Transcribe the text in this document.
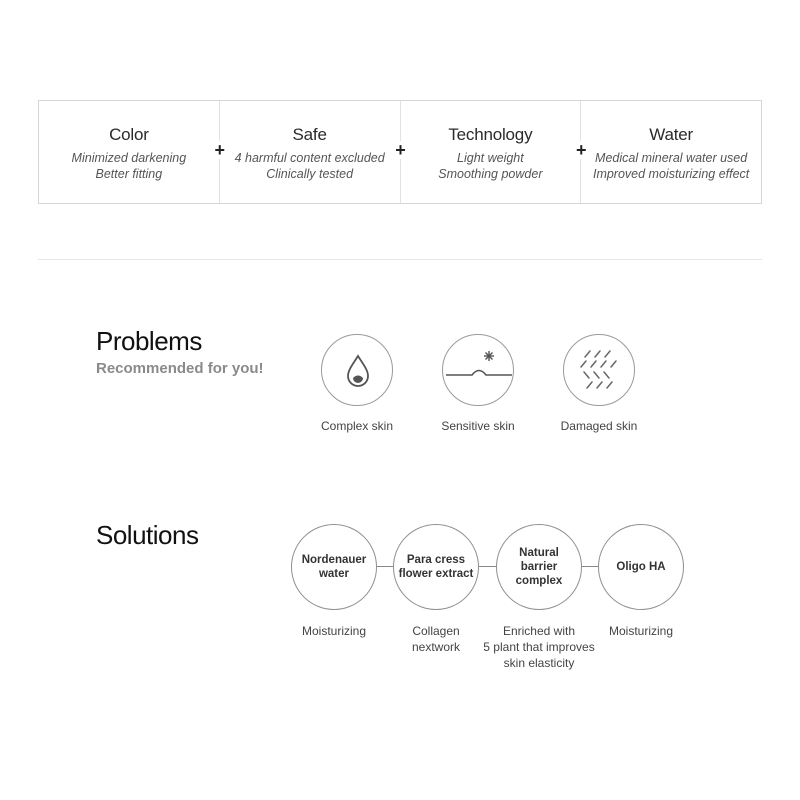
Color
Minimized darkening
Better fitting
+
Safe
4 harmful content excluded
Clinically tested
+
Technology
Light weight
Smoothing powder
+
Water
Medical mineral water used
Improved moisturizing effect
Problems
Recommended for you!
Complex skin	Sensitive skin	Damaged skin
Solutions
Nordenauer
water
Moisturizing
Para cress
flower extract
Collagen
nextwork
Natural
barrier
complex
Enriched with
5 plant that improves
skin elasticity
Oligo HA
Moisturizing
